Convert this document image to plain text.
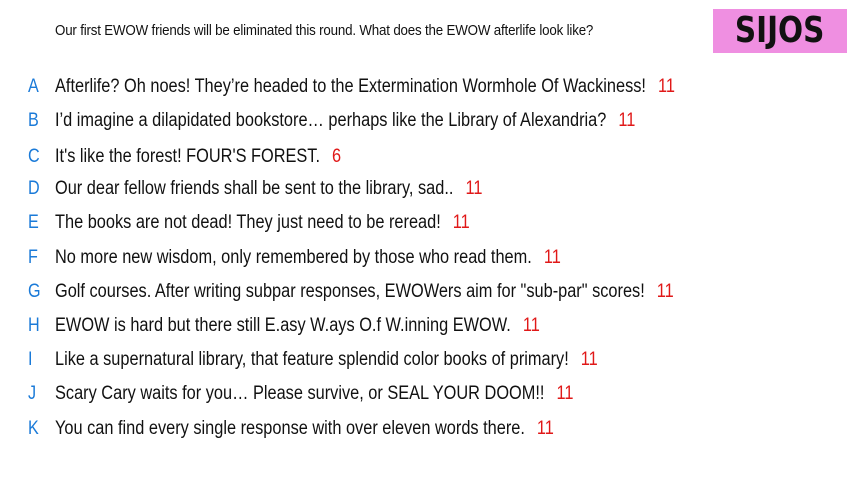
Our first EWOW friends will be eliminated this round. What does the EWOW afterlife look like?	SIJOS
A Afterlife? Oh noes! They’re headed to the Extermination Wormhole Of Wackiness! 11
B I’d imagine a dilapidated bookstore… perhaps like the Library of Alexandria? 11
C It's like the forest! FOUR'S FOREST. 6
D Our dear fellow friends shall be sent to the library, sad.. 11
E The books are not dead! They just need to be reread! 11
F No more new wisdom, only remembered by those who read them. 11
G Golf courses. After writing subpar responses, EWOWers aim for "sub-par" scores! 11
H EWOW is hard but there still E.asy W.ays O.f W.inning EWOW. 11
I Like a supernatural library, that feature splendid color books of primary! 11
J Scary Cary waits for you… Please survive, or SEAL YOUR DOOM!! 11
K You can find every single response with over eleven words there. 11
